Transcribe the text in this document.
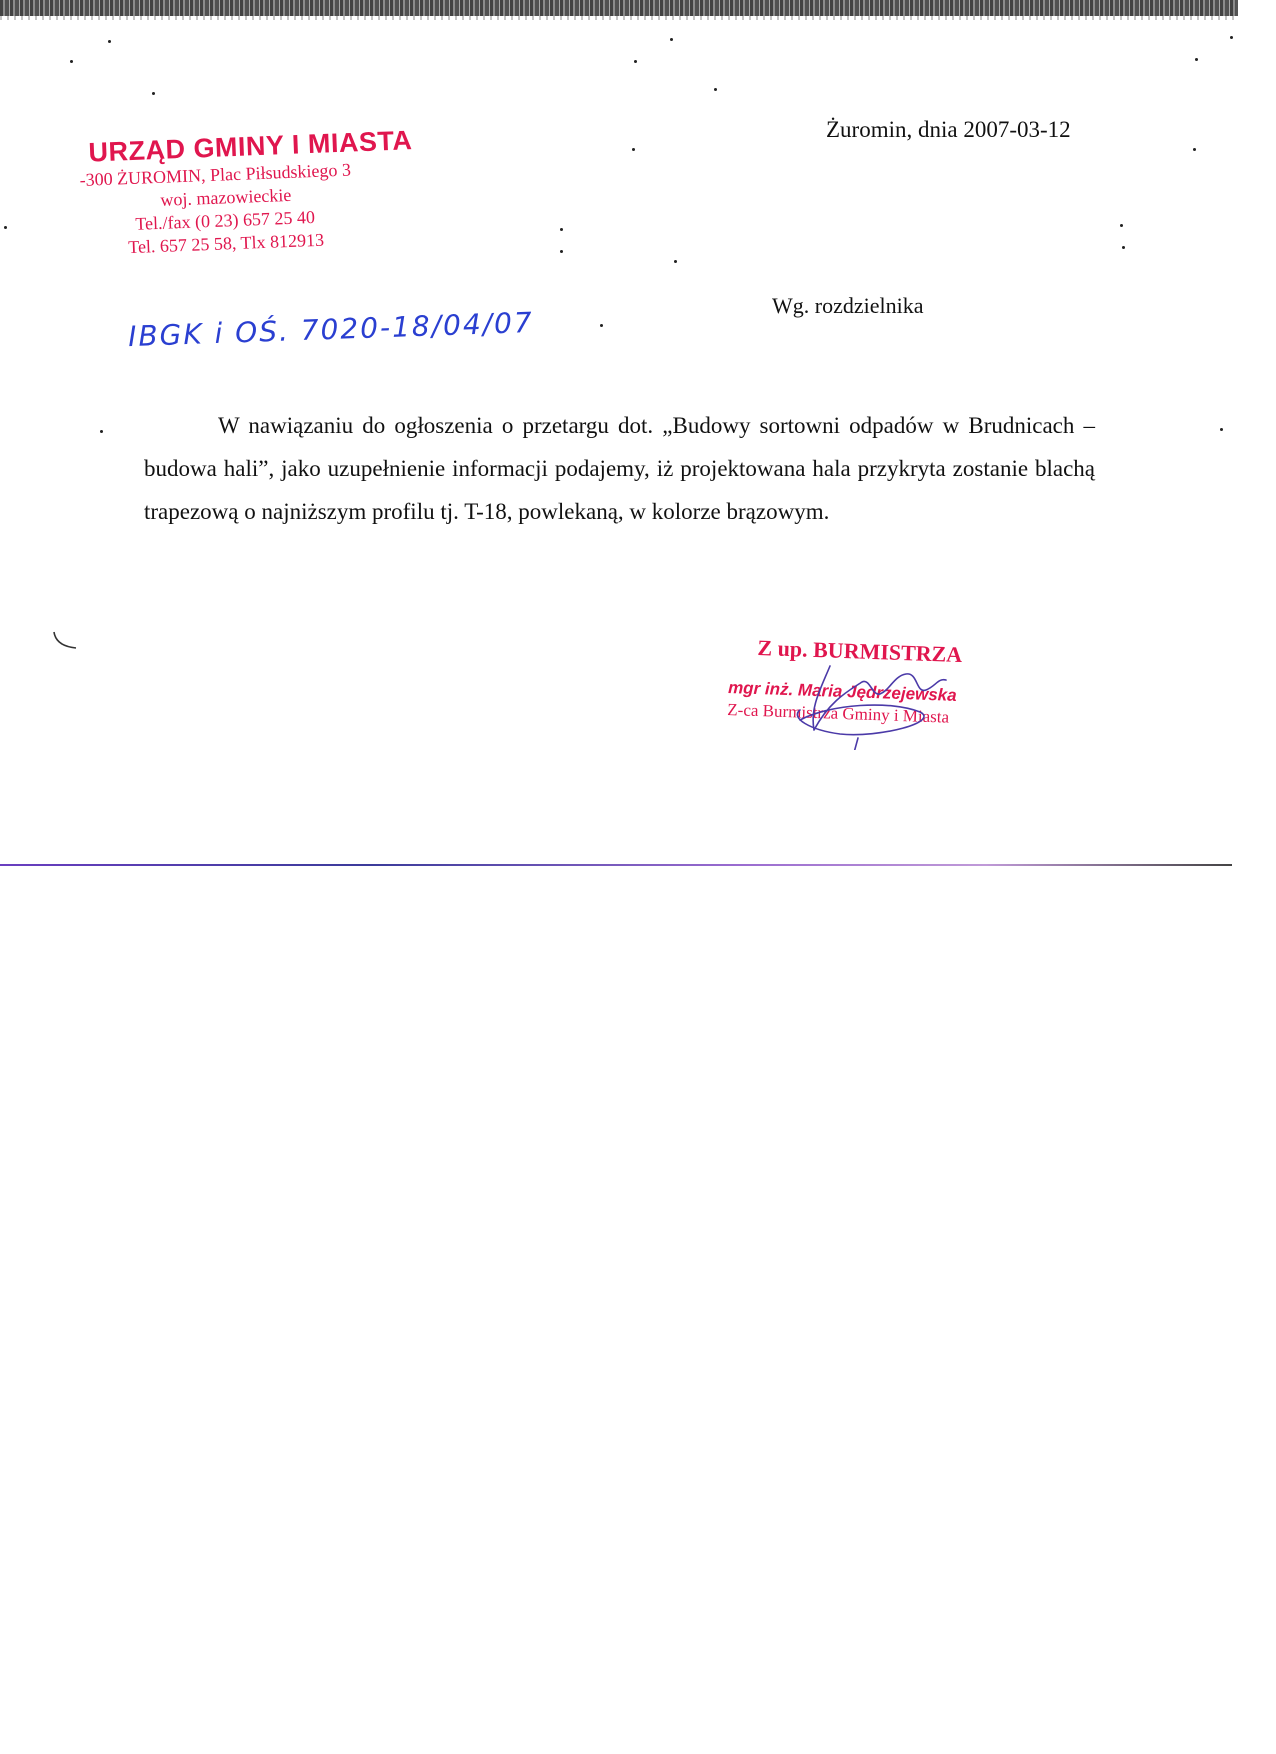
URZĄD GMINY I MIASTA
-300 ŻUROMIN, Plac Piłsudskiego 3
woj. mazowieckie
Tel./fax (0 23) 657 25 40
Tel. 657 25 58, Tlx 812913
Żuromin, dnia 2007-03-12
Wg. rozdzielnika
IBGK i OŚ. 7020-18/04/07
W nawiązaniu do ogłoszenia o przetargu dot. „Budowy sortowni odpadów w Brudnicach – budowa hali”, jako uzupełnienie informacji podajemy, iż projektowana hala przykryta zostanie blachą trapezową o najniższym profilu tj. T-18, powlekaną, w kolorze brązowym.
Z up. BURMISTRZA
mgr inż. Maria Jędrzejewska
Z-ca Burmistrza Gminy i Miasta
